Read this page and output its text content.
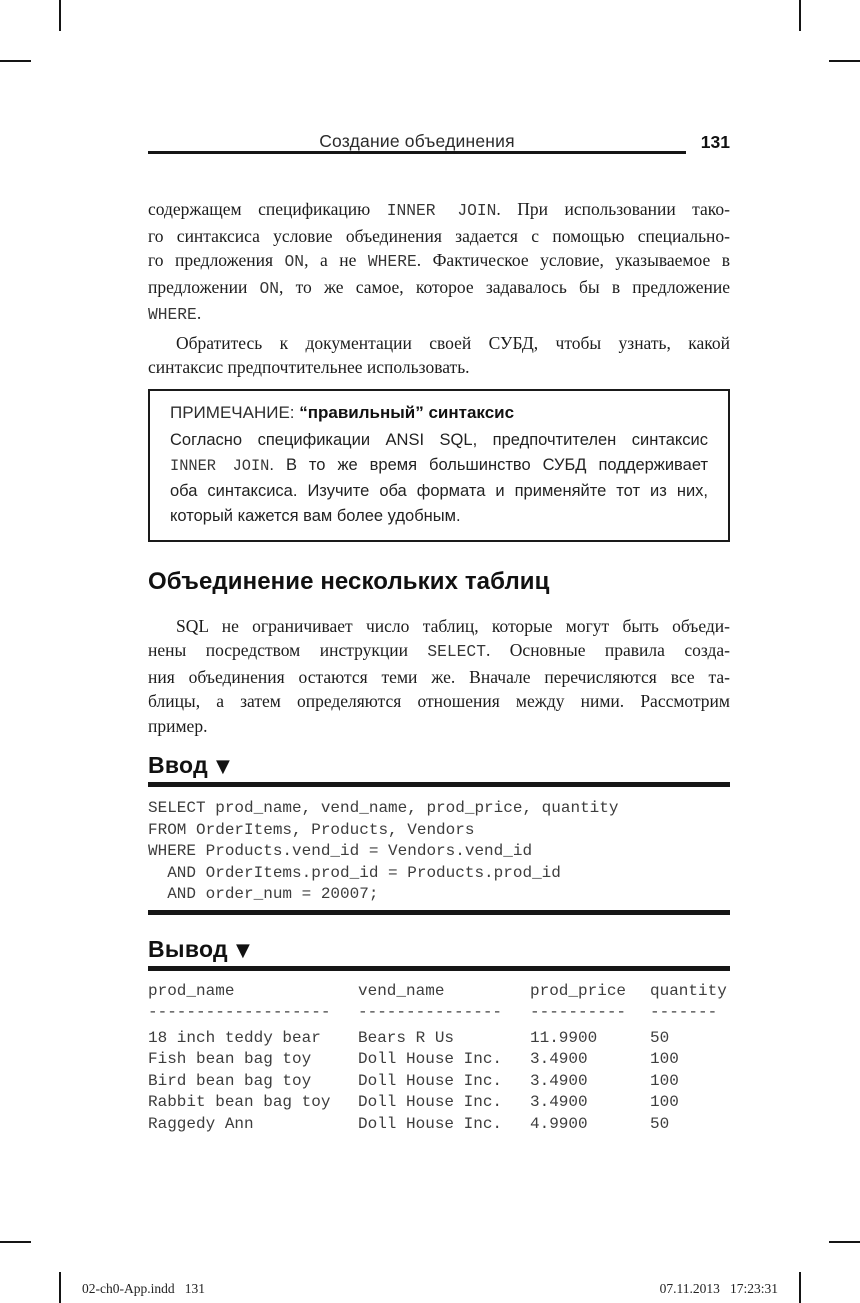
Создание объединения	131
содержащем спецификацию INNER JOIN. При использовании тако-
го синтаксиса условие объединения задается с помощью специально-
го предложения ON, а не WHERE. Фактическое условие, указываемое в
предложении ON, то же самое, которое задавалось бы в предложение
WHERE.
Обратитесь к документации своей СУБД, чтобы узнать, какой
синтаксис предпочтительнее использовать.
ПРИМЕЧАНИЕ: “правильный” синтаксис
Согласно спецификации ANSI SQL, предпочтителен синтаксис
INNER JOIN. В то же время большинство СУБД поддерживает
оба синтаксиса. Изучите оба формата и применяйте тот из них,
который кажется вам более удобным.
Объединение нескольких таблиц
SQL не ограничивает число таблиц, которые могут быть объеди-
нены посредством инструкции SELECT. Основные правила созда-
ния объединения остаются теми же. Вначале перечисляются все та-
блицы, а затем определяются отношения между ними. Рассмотрим
пример.
Ввод ▼
SELECT prod_name, vend_name, prod_price, quantity
FROM OrderItems, Products, Vendors
WHERE Products.vend_id = Vendors.vend_id
AND OrderItems.prod_id = Products.prod_id
AND order_num = 20007;
Вывод ▼
prod_name	vend_name	prod_price	quantity
-------------------	---------------	----------	-------
18 inch teddy bear	Bears R Us	11.9900	50
Fish bean bag toy	Doll House Inc.	3.4900	100
Bird bean bag toy	Doll House Inc.	3.4900	100
Rabbit bean bag toy	Doll House Inc.	3.4900	100
Raggedy Ann	Doll House Inc.	4.9900	50
02-ch0-App.indd   131	07.11.2013   17:23:31
